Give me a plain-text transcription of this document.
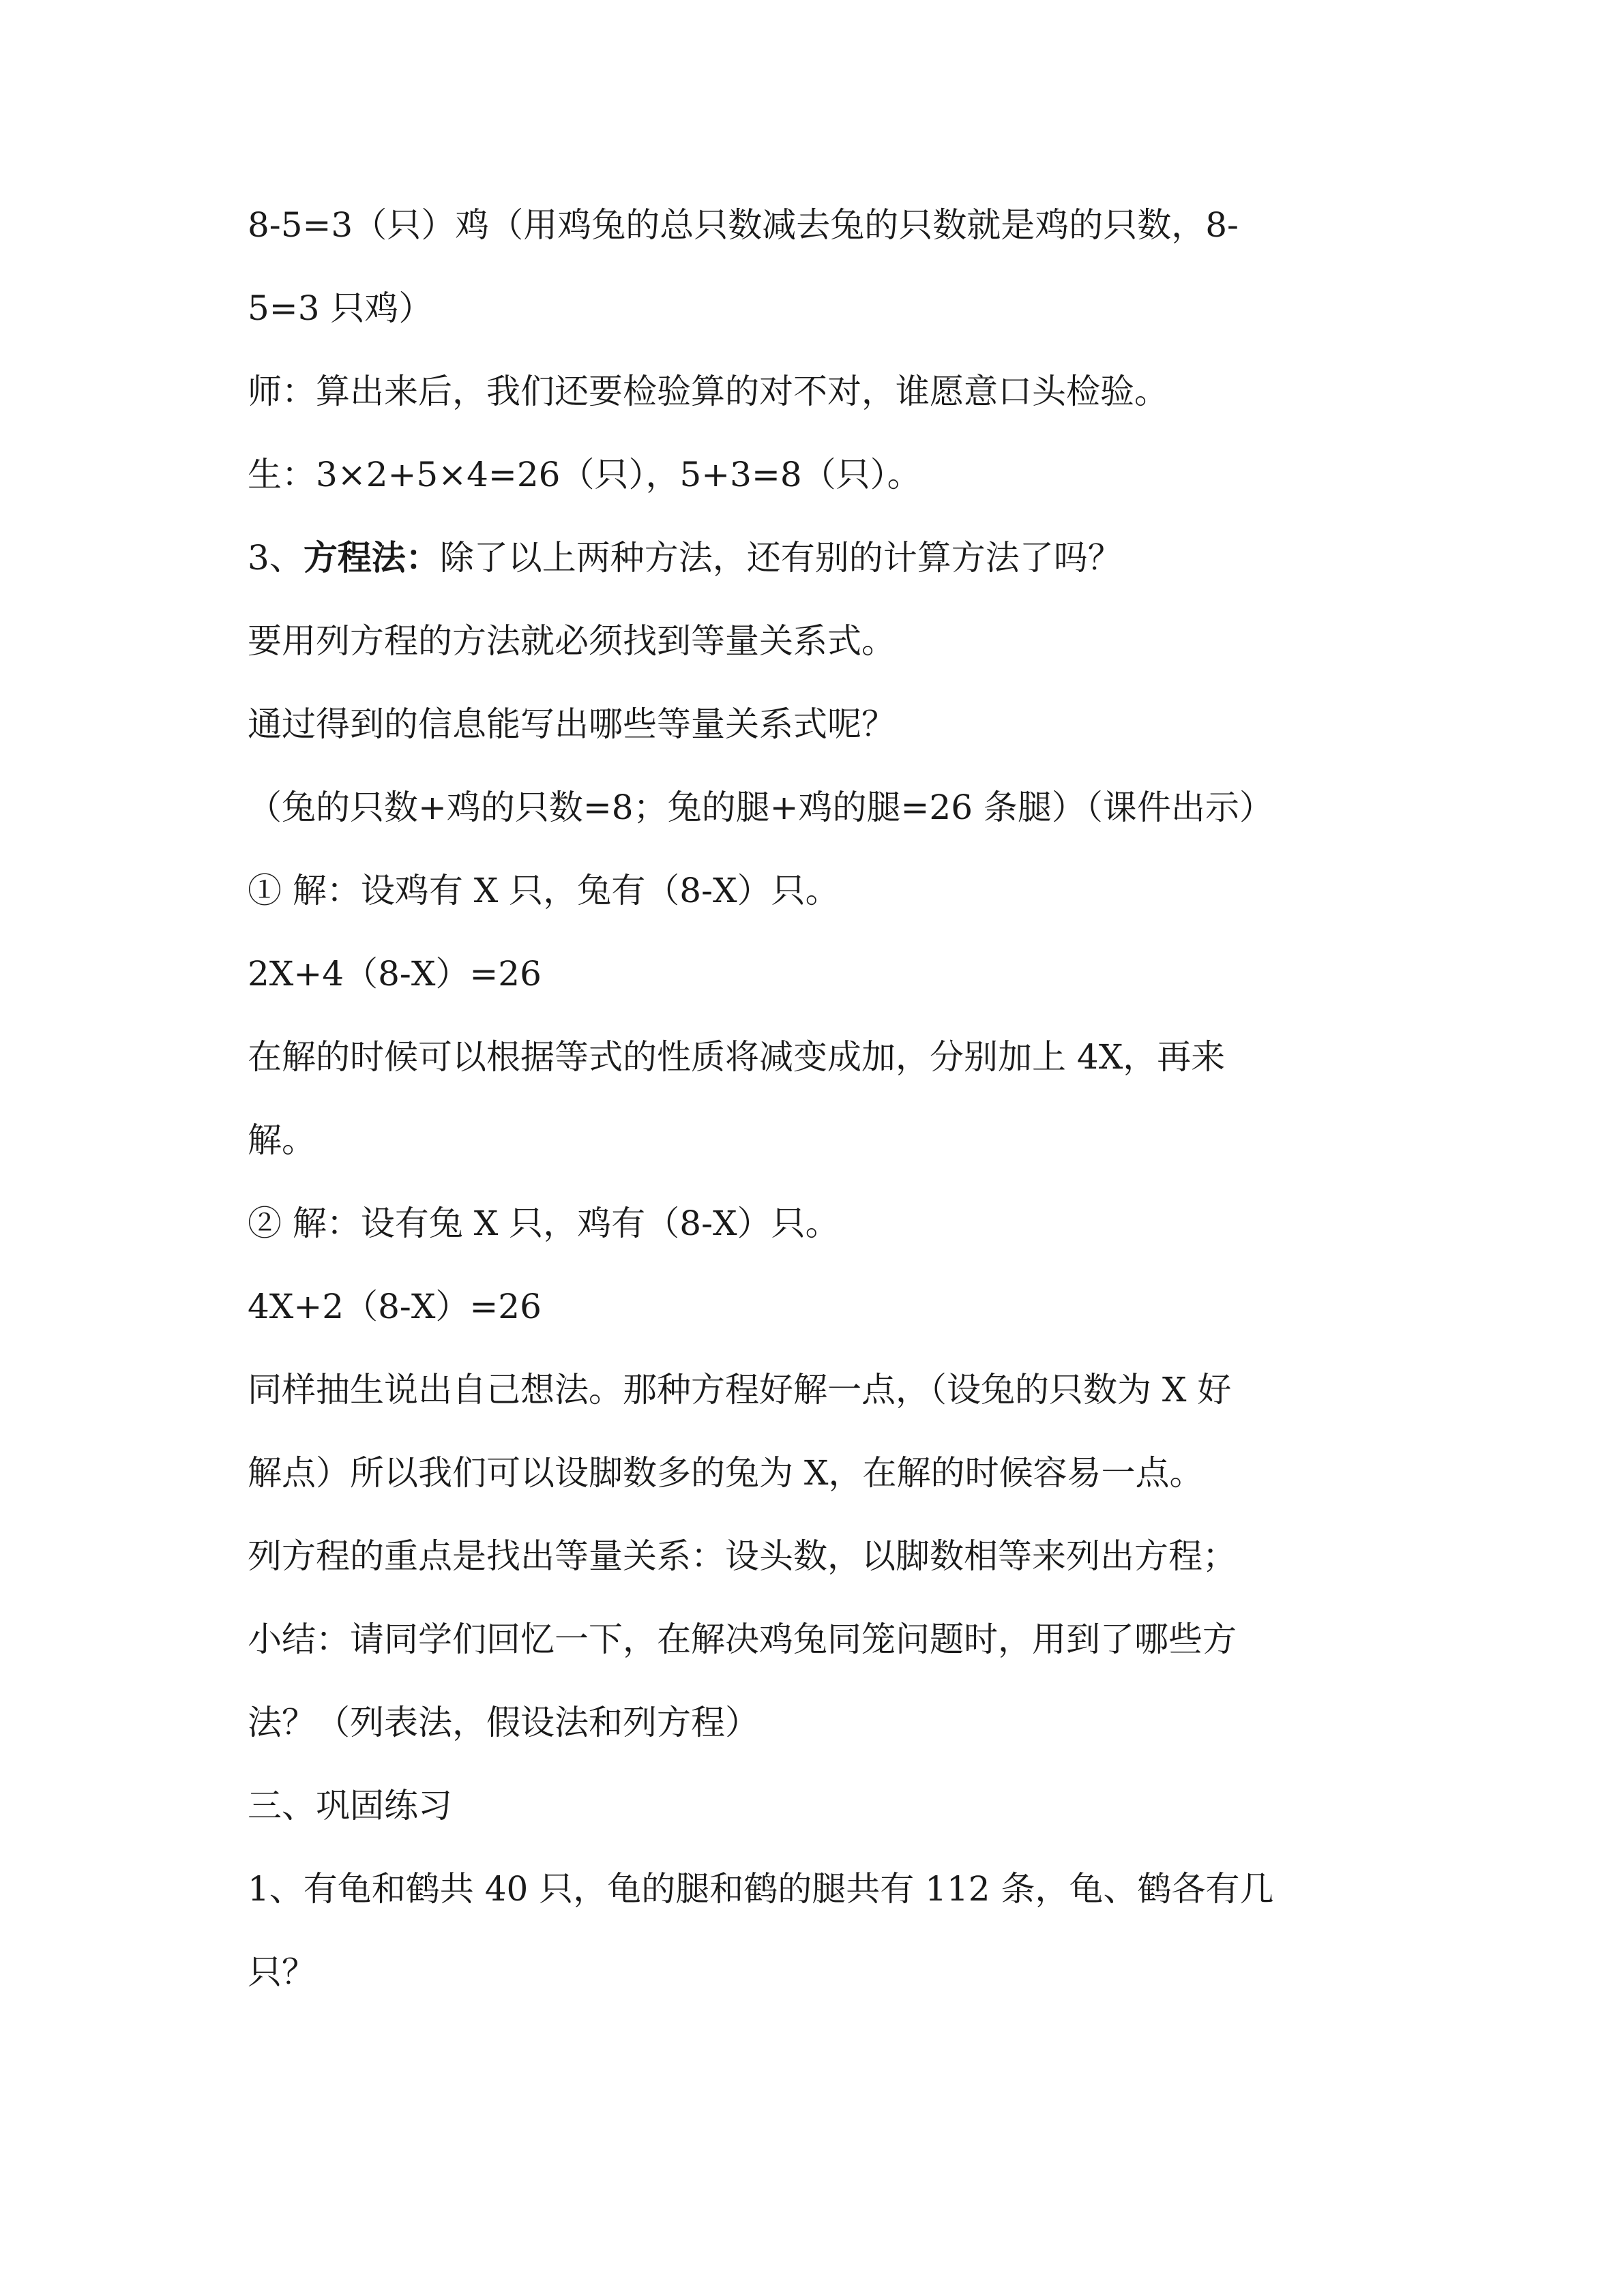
8-5=3（只）鸡（用鸡兔的总只数减去兔的只数就是鸡的只数，8-
5=3 只鸡）
师：算出来后，我们还要检验算的对不对，谁愿意口头检验。
生：3×2+5×4=26（只），5+3=8（只）。
3、方程法：除了以上两种方法，还有别的计算方法了吗？
要用列方程的方法就必须找到等量关系式。
通过得到的信息能写出哪些等量关系式呢？
（兔的只数+鸡的只数=8；兔的腿+鸡的腿=26 条腿）（课件出示）
① 解：设鸡有 X 只，兔有（8-X）只。
2X+4（8-X）=26
在解的时候可以根据等式的性质将减变成加，分别加上 4X，再来
解。
② 解：设有兔 X 只，鸡有（8-X）只。
4X+2（8-X）=26
同样抽生说出自己想法。那种方程好解一点，（设兔的只数为 X 好
解点）所以我们可以设脚数多的兔为 X，在解的时候容易一点。
列方程的重点是找出等量关系：设头数，以脚数相等来列出方程；
小结：请同学们回忆一下，在解决鸡兔同笼问题时，用到了哪些方
法？（列表法，假设法和列方程）
三、巩固练习
1、有龟和鹤共 40 只，龟的腿和鹤的腿共有 112 条，龟、鹤各有几
只？
